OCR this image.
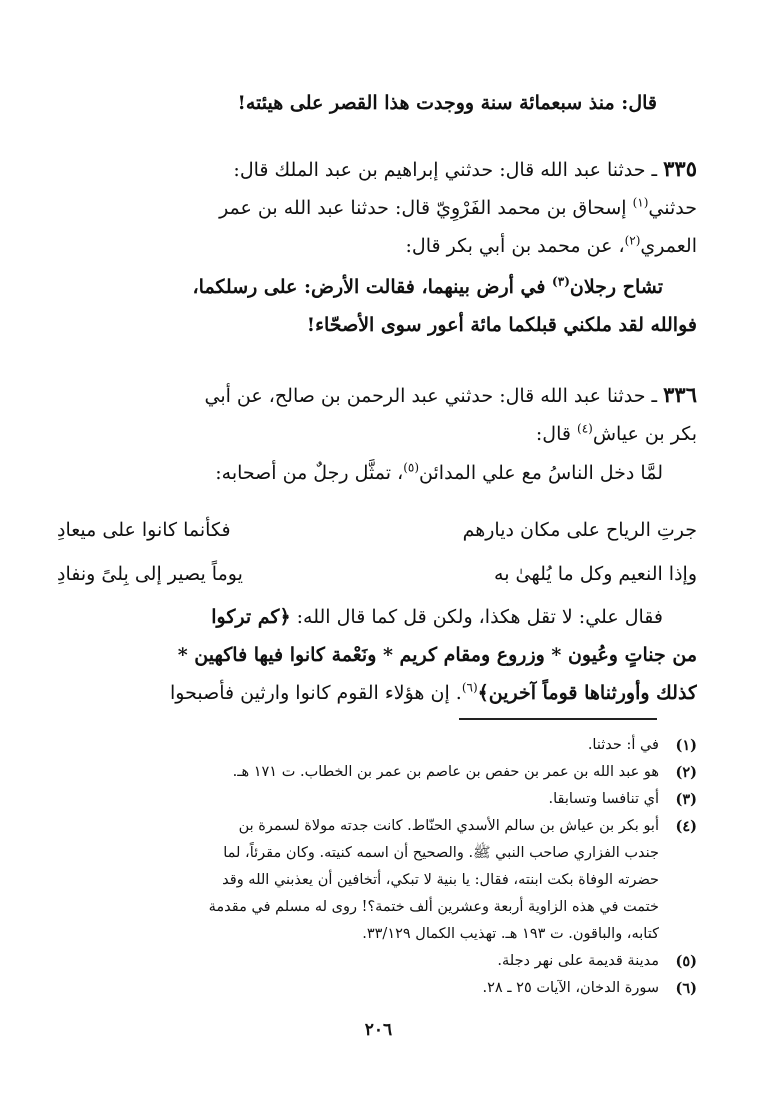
قال: منذ سبعمائة سنة ووجدت هذا القصر على هيئته!
٣٣٥ ـ حدثنا عبد الله قال: حدثني إبراهيم بن عبد الملك قال:
حدثني$^{(١)}$ إسحاق بن محمد الفَرْوِيّ قال: حدثنا عبد الله بن عمر
العمري$^{(٢)}$، عن محمد بن أبي بكر قال:
تشاح رجلان$^{(٣)}$ في أرض بينهما، فقالت الأرض: على رسلكما،
فوالله لقد ملكني قبلكما مائة أعور سوى الأصحّاء!
٣٣٦ ـ حدثنا عبد الله قال: حدثني عبد الرحمن بن صالح، عن أبي
بكر بن عياش$^{(٤)}$ قال:
لمَّا دخل الناسُ مع علي المدائن$^{(٥)}$، تمثَّل رجلٌ من أصحابه:
جرتِ الرياح على مكان ديارهم
فكأنما كانوا على ميعادِ
وإذا النعيم وكل ما يُلهىٰ به
يوماً يصير إلى بِلىً ونفادِ
فقال علي: لا تقل هكذا، ولكن قل كما قال الله: ﴿كم تركوا
من جناتٍ وعُيون * وزروع ومقام كريم * ونَعْمة كانوا فيها فاكهين *
كذلك وأورثناها قوماً آخرين﴾$^{(٦)}$. إن هؤلاء القوم كانوا وارثين فأصبحوا
(١)
في أ: حدثنا.
(٢)
هو عبد الله بن عمر بن حفص بن عاصم بن عمر بن الخطاب. ت ١٧١ هـ.
(٣)
أي تنافسا وتسابقا.
(٤)
أبو بكر بن عياش بن سالم الأسدي الحنّاط. كانت جدته مولاة لسمرة بن
جندب الفزاري صاحب النبي ﷺ. والصحيح أن اسمه كنيته. وكان مقرئاً، لما
حضرته الوفاة بكت ابنته، فقال: يا بنية لا تبكي، أتخافين أن يعذبني الله وقد
ختمت في هذه الزاوية أربعة وعشرين ألف ختمة؟! روى له مسلم في مقدمة
كتابه، والباقون. ت ١٩٣ هـ. تهذيب الكمال ٣٣/١٢٩.
(٥)
مدينة قديمة على نهر دجلة.
(٦)
سورة الدخان، الآيات ٢٥ ـ ٢٨.
٢٠٦
